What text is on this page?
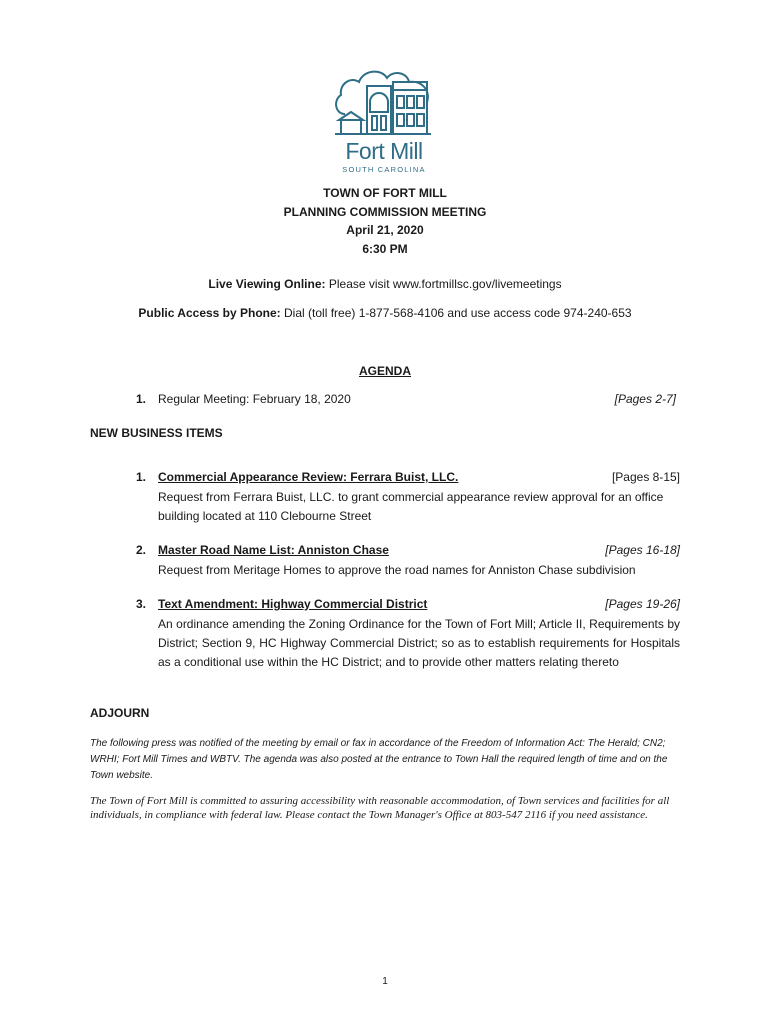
Fort Mill
SOUTH CAROLINA
TOWN OF FORT MILL
PLANNING COMMISSION MEETING
April 21, 2020
6:30 PM
Live Viewing Online: Please visit www.fortmillsc.gov/livemeetings
Public Access by Phone: Dial (toll free) 1-877-568-4106 and use access code 974-240-653
AGENDA
1. Regular Meeting: February 18, 2020	[Pages 2-7]
NEW BUSINESS ITEMS
1. Commercial Appearance Review: Ferrara Buist, LLC.	[Pages 8-15]
Request from Ferrara Buist, LLC. to grant commercial appearance review approval for an office building located at 110 Clebourne Street
2. Master Road Name List: Anniston Chase	[Pages 16-18]
Request from Meritage Homes to approve the road names for Anniston Chase subdivision
3. Text Amendment: Highway Commercial District	[Pages 19-26]
An ordinance amending the Zoning Ordinance for the Town of Fort Mill; Article II, Requirements by District; Section 9, HC Highway Commercial District; so as to establish requirements for Hospitals as a conditional use within the HC District; and to provide other matters relating thereto
ADJOURN
The following press was notified of the meeting by email or fax in accordance of the Freedom of Information Act: The Herald; CN2; WRHI; Fort Mill Times and WBTV. The agenda was also posted at the entrance to Town Hall the required length of time and on the Town website.
The Town of Fort Mill is committed to assuring accessibility with reasonable accommodation, of Town services and facilities for all individuals, in compliance with federal law. Please contact the Town Manager's Office at 803-547 2116 if you need assistance.
1
